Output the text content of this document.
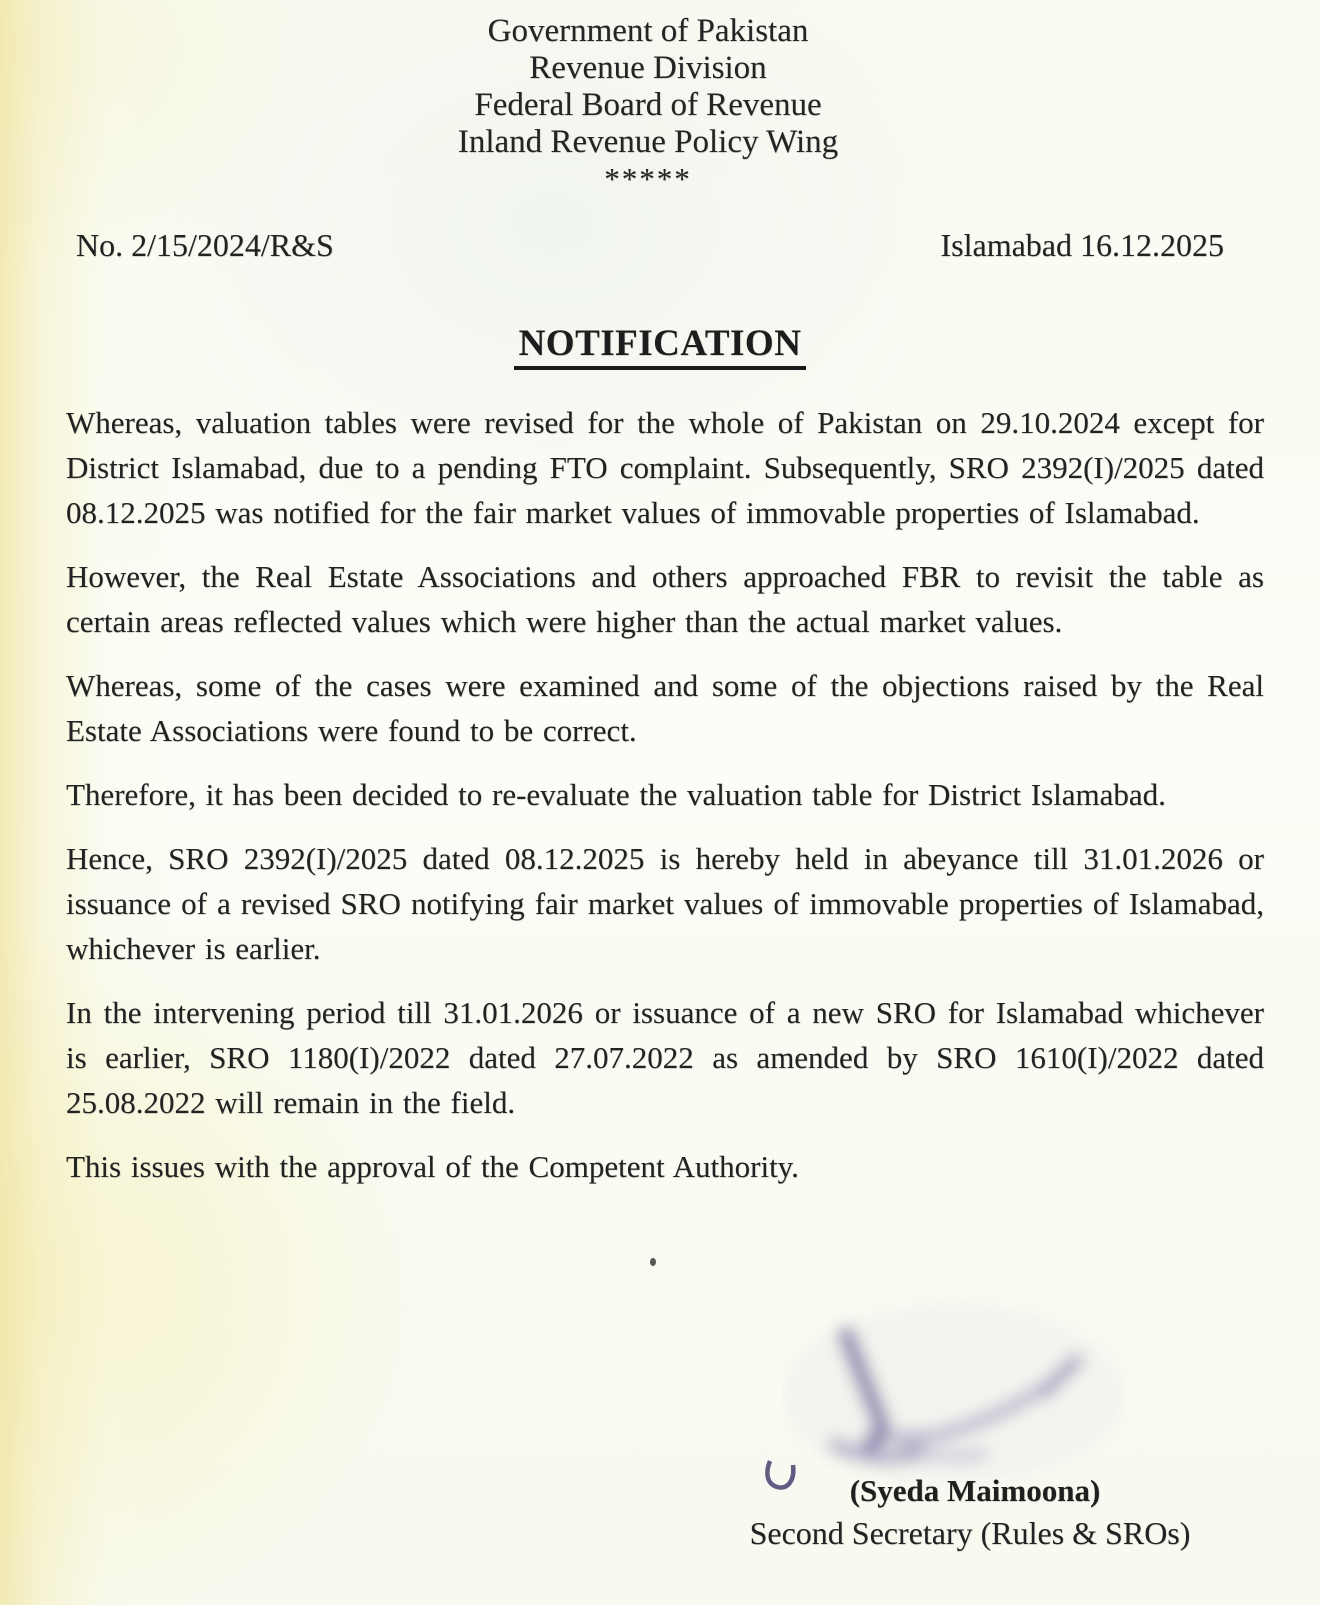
Government of Pakistan
Revenue Division
Federal Board of Revenue
Inland Revenue Policy Wing
*****
No. 2/15/2024/R&S	Islamabad 16.12.2025
NOTIFICATION

Whereas, valuation tables were revised for the whole of Pakistan on 29.10.2024 except for District Islamabad, due to a pending FTO complaint. Subsequently, SRO 2392(I)/2025 dated 08.12.2025 was notified for the fair market values of immovable properties of Islamabad.

However, the Real Estate Associations and others approached FBR to revisit the table as certain areas reflected values which were higher than the actual market values.

Whereas, some of the cases were examined and some of the objections raised by the Real Estate Associations were found to be correct.

Therefore, it has been decided to re-evaluate the valuation table for District Islamabad.

Hence, SRO 2392(I)/2025 dated 08.12.2025 is hereby held in abeyance till 31.01.2026 or issuance of a revised SRO notifying fair market values of immovable properties of Islamabad, whichever is earlier.

In the intervening period till 31.01.2026 or issuance of a new SRO for Islamabad whichever is earlier, SRO 1180(I)/2022 dated 27.07.2022 as amended by SRO 1610(I)/2022 dated 25.08.2022 will remain in the field.

This issues with the approval of the Competent Authority.

(Syeda Maimoona)
Second Secretary (Rules & SROs)
